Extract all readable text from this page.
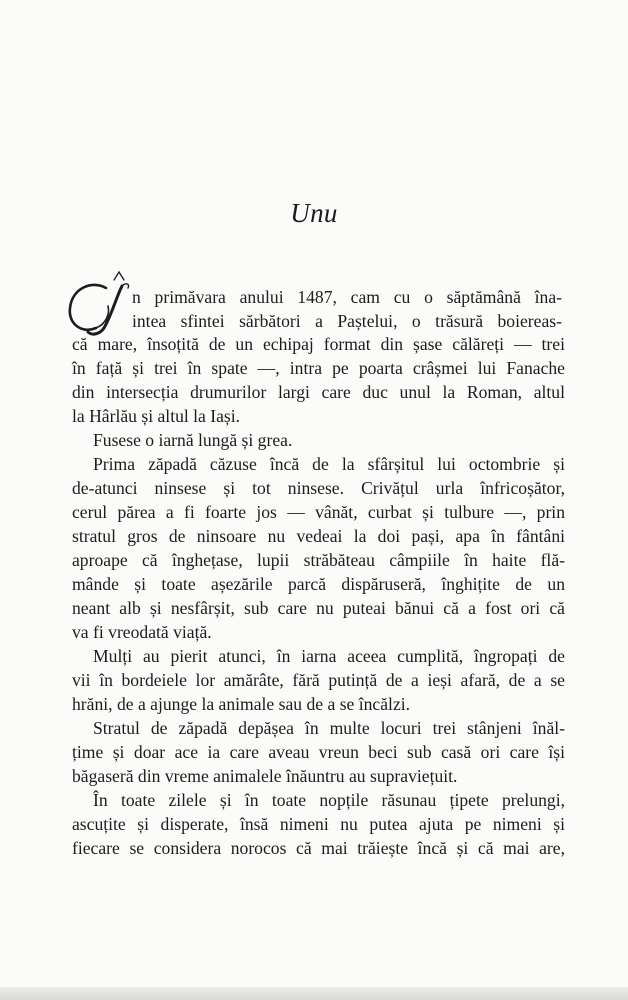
Unu

n primăvara anului 1487, cam cu o săptămână îna-

intea sfintei sărbători a Paștelui, o trăsură boiereas-

că mare, însoțită de un echipaj format din șase călăreți — trei

în față și trei în spate —, intra pe poarta crâșmei lui Fanache

din intersecția drumurilor largi care duc unul la Roman, altul

la Hârlău și altul la Iași.

Fusese o iarnă lungă și grea.

Prima zăpadă căzuse încă de la sfârșitul lui octombrie și

de-atunci ninsese și tot ninsese. Crivățul urla înfricoșător,

cerul părea a fi foarte jos — vânăt, curbat și tulbure —, prin

stratul gros de ninsoare nu vedeai la doi pași, apa în fântâni

aproape că înghețase, lupii străbăteau câmpiile în haite flă-

mânde și toate așezările parcă dispăruseră, înghițite de un

neant alb și nesfârșit, sub care nu puteai bănui că a fost ori că

va fi vreodată viață.

Mulți au pierit atunci, în iarna aceea cumplită, îngropați de

vii în bordeiele lor amărâte, fără putință de a ieși afară, de a se

hrăni, de a ajunge la animale sau de a se încălzi.

Stratul de zăpadă depășea în multe locuri trei stânjeni înăl-

țime și doar ace ia care aveau vreun beci sub casă ori care își

băgaseră din vreme animalele înăuntru au supraviețuit.

În toate zilele și în toate nopțile răsunau țipete prelungi,

ascuțite și disperate, însă nimeni nu putea ajuta pe nimeni și

fiecare se considera norocos că mai trăiește încă și că mai are,
